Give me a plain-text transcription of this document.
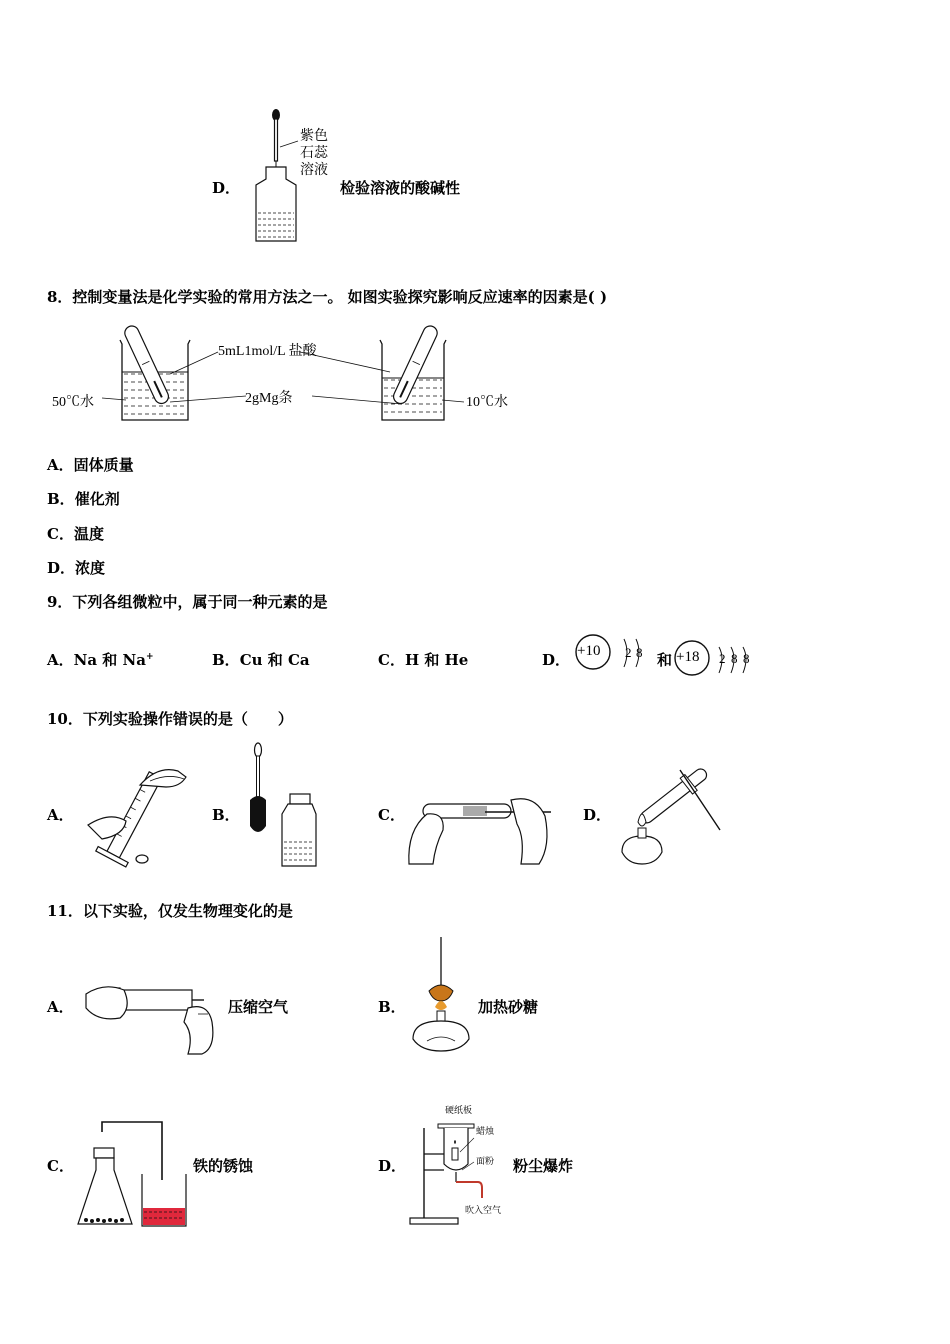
D．
紫色
石蕊
溶液
检验溶液的酸碱性
8．控制变量法是化学实验的常用方法之一。 如图实验探究影响反应速率的因素是( )
5mL1mol/L 盐酸
2gMg条
50℃水	10℃水
A．固体质量
B．催化剂
C．温度
D．浓度
9．下列各组微粒中，属于同一种元素的是
A．Na 和 Na+	B．Cu 和 Ca	C．H 和 He	D． +10 2 8 和 +18 2 8 8
10．下列实验操作错误的是（　　）
A．	B．	C．	D．
11．以下实验，仅发生物理变化的是
A．	压缩空气	B．	加热砂糖
C．	铁的锈蚀	D．
硬纸板
蜡烛
面粉
吹入空气
粉尘爆炸
